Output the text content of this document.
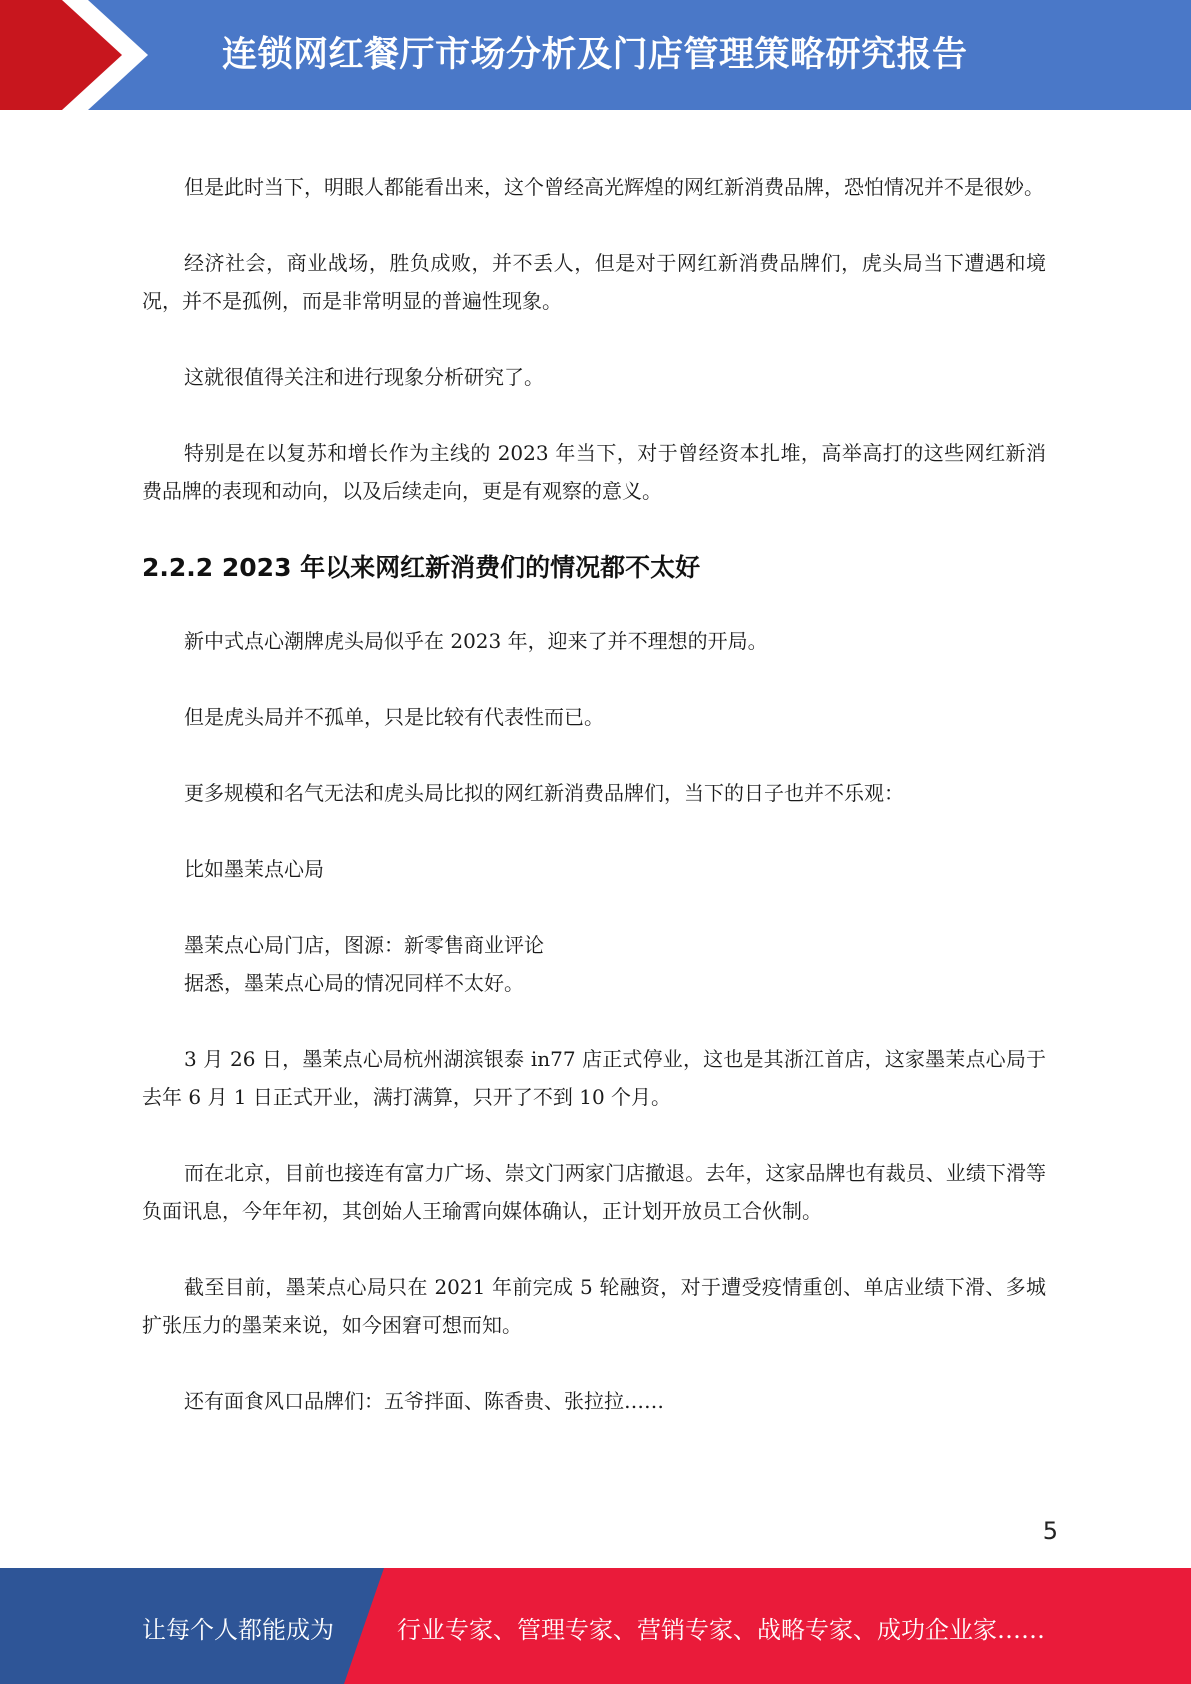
连锁网红餐厅市场分析及门店管理策略研究报告

但是此时当下，明眼人都能看出来，这个曾经高光辉煌的网红新消费品牌，恐怕情况并不是很妙。

经济社会，商业战场，胜负成败，并不丢人，但是对于网红新消费品牌们，虎头局当下遭遇和境况，并不是孤例，而是非常明显的普遍性现象。

这就很值得关注和进行现象分析研究了。

特别是在以复苏和增长作为主线的 2023 年当下，对于曾经资本扎堆，高举高打的这些网红新消费品牌的表现和动向，以及后续走向，更是有观察的意义。

2.2.2 2023 年以来网红新消费们的情况都不太好

新中式点心潮牌虎头局似乎在 2023 年，迎来了并不理想的开局。

但是虎头局并不孤单，只是比较有代表性而已。

更多规模和名气无法和虎头局比拟的网红新消费品牌们，当下的日子也并不乐观：

比如墨茉点心局

墨茉点心局门店，图源：新零售商业评论

据悉，墨茉点心局的情况同样不太好。

3 月 26 日，墨茉点心局杭州湖滨银泰 in77 店正式停业，这也是其浙江首店，这家墨茉点心局于去年 6 月 1 日正式开业，满打满算，只开了不到 10 个月。

而在北京，目前也接连有富力广场、崇文门两家门店撤退。去年，这家品牌也有裁员、业绩下滑等负面讯息，今年年初，其创始人王瑜霄向媒体确认，正计划开放员工合伙制。

截至目前，墨茉点心局只在 2021 年前完成 5 轮融资，对于遭受疫情重创、单店业绩下滑、多城扩张压力的墨茉来说，如今困窘可想而知。

还有面食风口品牌们：五爷拌面、陈香贵、张拉拉……

5
让每个人都能成为	行业专家、管理专家、营销专家、战略专家、成功企业家……
